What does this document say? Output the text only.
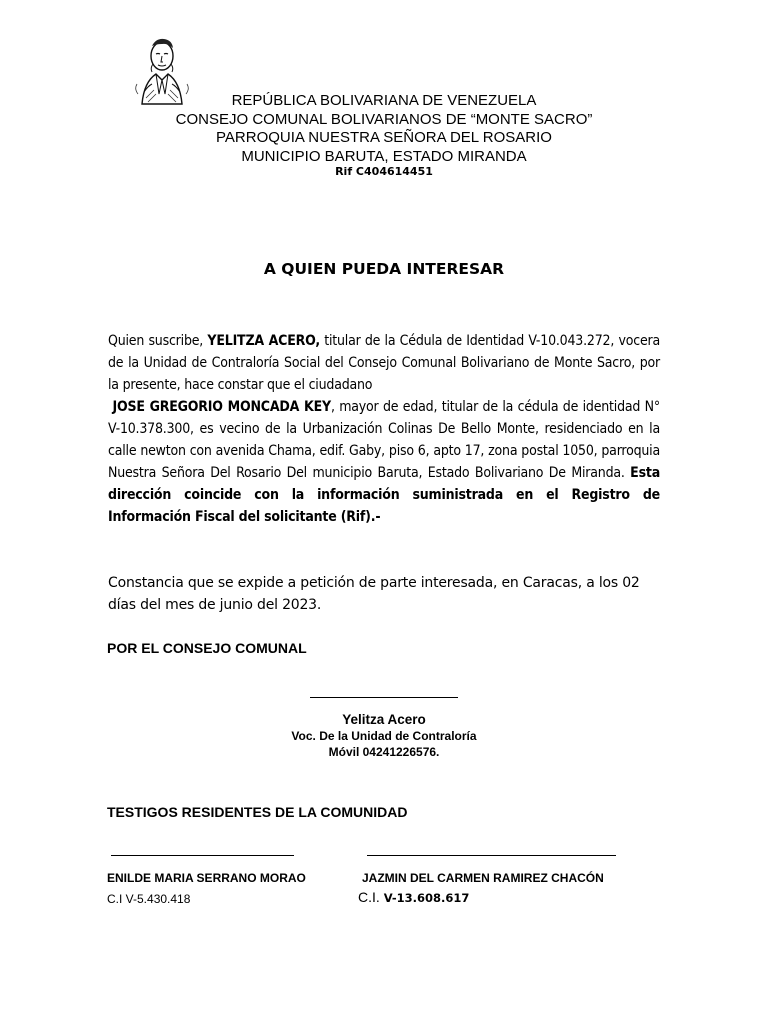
REPÚBLICA BOLIVARIANA DE VENEZUELA
CONSEJO COMUNAL BOLIVARIANOS DE “MONTE SACRO”
PARROQUIA NUESTRA SEÑORA DEL ROSARIO
MUNICIPIO BARUTA, ESTADO MIRANDA
Rif C404614451
A QUIEN PUEDA INTERESAR
Quien suscribe, YELITZA ACERO, titular de la Cédula de Identidad V-10.043.272, vocera de la Unidad de Contraloría Social del Consejo Comunal Bolivariano de Monte Sacro, por la presente, hace constar que el ciudadano
JOSE GREGORIO MONCADA KEY, mayor de edad, titular de la cédula de identidad N° V-10.378.300, es vecino de la Urbanización Colinas De Bello Monte, residenciado en la calle newton con avenida Chama, edif. Gaby, piso 6, apto 17, zona postal 1050, parroquia Nuestra Señora Del Rosario Del municipio Baruta, Estado Bolivariano De Miranda. Esta dirección coincide con la información suministrada en el Registro de Información Fiscal del solicitante (Rif).-
Constancia que se expide a petición de parte interesada, en Caracas, a los 02 días del mes de junio del 2023.
POR EL CONSEJO COMUNAL
Yelitza Acero
Voc. De la Unidad de Contraloría
Móvil 04241226576.
TESTIGOS RESIDENTES DE LA COMUNIDAD
ENILDE MARIA SERRANO MORAO
C.I V-5.430.418
JAZMIN DEL CARMEN RAMIREZ CHACÓN
C.I. V-13.608.617
